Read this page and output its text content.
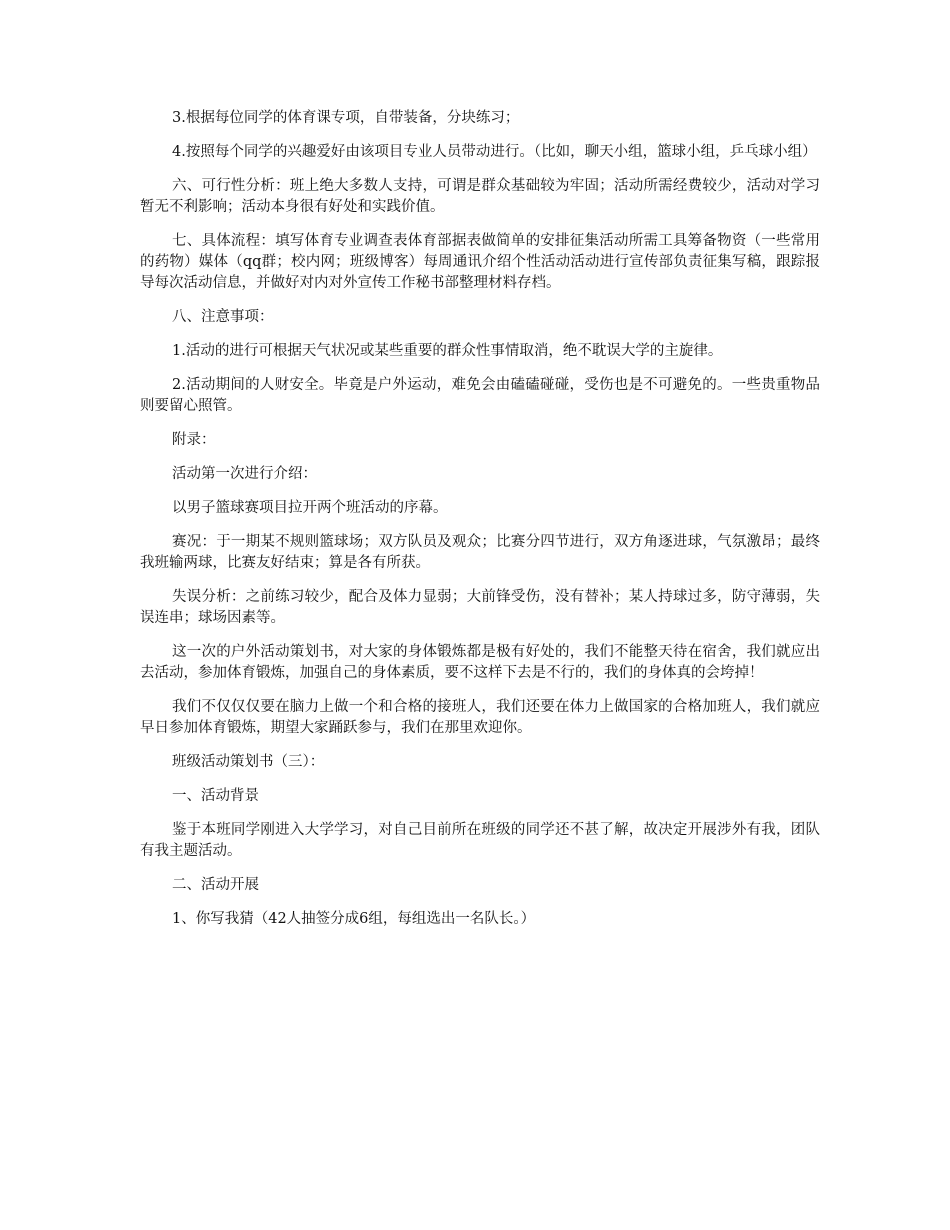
3.根据每位同学的体育课专项，自带装备，分块练习；

4.按照每个同学的兴趣爱好由该项目专业人员带动进行。（比如，聊天小组，篮球小组，乒乓球小组）

六、可行性分析：班上绝大多数人支持，可谓是群众基础较为牢固；活动所需经费较少，活动对学习暂无不利影响；活动本身很有好处和实践价值。

七、具体流程：填写体育专业调查表体育部据表做简单的安排征集活动所需工具筹备物资（一些常用的药物）媒体（qq群；校内网；班级博客）每周通讯介绍个性活动活动进行宣传部负责征集写稿，跟踪报导每次活动信息，并做好对内对外宣传工作秘书部整理材料存档。

八、注意事项：

1.活动的进行可根据天气状况或某些重要的群众性事情取消，绝不耽误大学的主旋律。

2.活动期间的人财安全。毕竟是户外运动，难免会由磕磕碰碰，受伤也是不可避免的。一些贵重物品则要留心照管。

附录：

活动第一次进行介绍：

以男子篮球赛项目拉开两个班活动的序幕。

赛况：于一期某不规则篮球场；双方队员及观众；比赛分四节进行，双方角逐进球，气氛激昂；最终我班输两球，比赛友好结束；算是各有所获。

失误分析：之前练习较少，配合及体力显弱；大前锋受伤，没有替补；某人持球过多，防守薄弱，失误连串；球场因素等。

这一次的户外活动策划书，对大家的身体锻炼都是极有好处的，我们不能整天待在宿舍，我们就应出去活动，参加体育锻炼，加强自己的身体素质，要不这样下去是不行的，我们的身体真的会垮掉！

我们不仅仅仅要在脑力上做一个和合格的接班人，我们还要在体力上做国家的合格加班人，我们就应早日参加体育锻炼，期望大家踊跃参与，我们在那里欢迎你。

班级活动策划书（三）：

一、活动背景

鉴于本班同学刚进入大学学习，对自己目前所在班级的同学还不甚了解，故决定开展涉外有我，团队有我主题活动。

二、活动开展

1、你写我猜（42人抽签分成6组，每组选出一名队长。）
